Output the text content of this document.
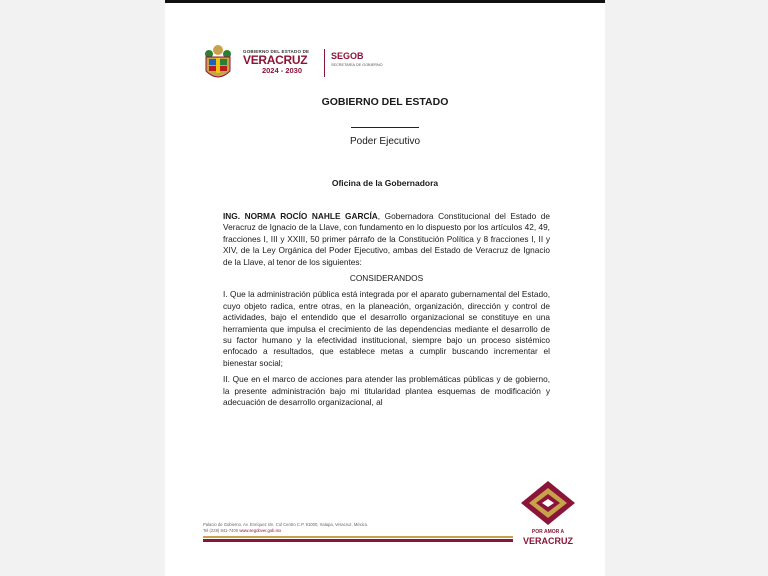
GOBIERNO DEL ESTADO DE
VERACRUZ
2024 - 2030
SEGOB
SECRETARÍA DE GOBIERNO
GOBIERNO DEL ESTADO
Poder Ejecutivo
Oficina de la Gobernadora

ING. NORMA ROCÍO NAHLE GARCÍA, Gobernadora Constitucional del Estado de Veracruz de Ignacio de la Llave, con fundamento en lo dispuesto por los artículos 42, 49, fracciones I, III y XXIII, 50 primer párrafo de la Constitución Política y 8 fracciones I, II y XIV, de la Ley Orgánica del Poder Ejecutivo, ambas del Estado de Veracruz de Ignacio de la Llave, al tenor de los siguientes:

CONSIDERANDOS

I. Que la administración pública está integrada por el aparato gubernamental del Estado, cuyo objeto radica, entre otras, en la planeación, organización, dirección y control de actividades, bajo el entendido que el desarrollo organizacional se constituye en una herramienta que impulsa el crecimiento de las dependencias mediante el desarrollo de su factor humano y la efectividad institucional, siempre bajo un proceso sistémico enfocado a resultados, que establece metas a cumplir buscando incrementar el bienestar social;

II. Que en el marco de acciones para atender las problemáticas públicas y de gobierno, la presente administración bajo mi titularidad plantea esquemas de modificación y adecuación de desarrollo organizacional, al

Palacio de Gobierno. Av. Enríquez s/n. Col Centro C.P. 91000, Xalapa, Veracruz, México.
Tel (228) 841-7400 www.segobver.gob.mx	POR AMOR A
VERACRUZ
